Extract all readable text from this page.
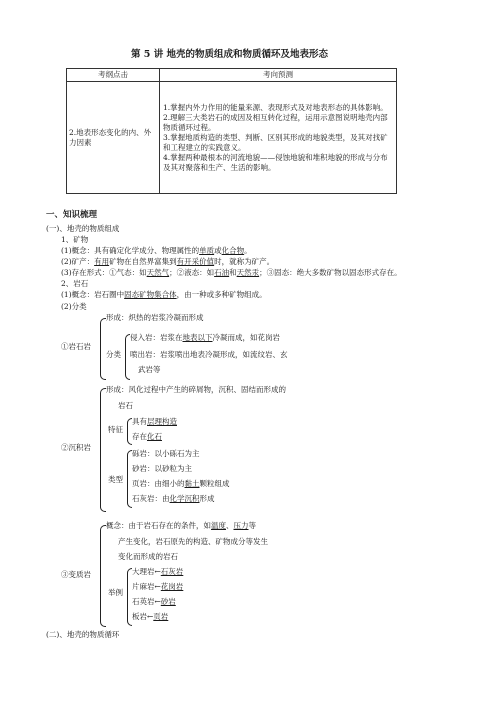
第 5 讲 地壳的物质组成和物质循环及地表形态
考纲点击	考向预测

2.地表形态变化的内、外力因素	1.掌握内外力作用的能量来源、表现形式及对地表形态的具体影响。
2.理解三大类岩石的成因及相互转化过程，运用示意图说明地壳内部物质循环过程。
3.掌握地质构造的类型、判断、区别其形成的地貌类型，及其对找矿和工程建立的实践意义。
4.掌握两种最根本的河流地貌——侵蚀地貌和堆积地貌的形成与分布及其对聚落和生产、生活的影响。
一、知识梳理
(一)、地壳的物质组成
1、矿物
(1)概念：具有确定化学成分、物理属性的单质或化合物。
(2)矿产：有用矿物在自然界富集到有开采价值时，就称为矿产。
(3)存在形式：①气态：如天然气；②液态：如石油和天然汞；③固态：绝大多数矿物以固态形式存在。
2、岩石
(1)概念：岩石圈中固态矿物集合体，由一种或多种矿物组成。
(2)分类
①岩石岩
形成：炽热的岩浆冷凝而形成
分类
侵入岩：岩浆在地表以下冷凝而成，如花岗岩
喷出岩：岩浆喷出地表冷凝形成，如流纹岩、玄
武岩等
②沉积岩
形成：风化过程中产生的碎屑物，沉积、固结而形成的
岩石
特征
具有层理构造
存在化石
类型
砾岩：以小砾石为主
砂岩：以砂粒为主
页岩：由细小的黏土颗粒组成
石灰岩：由化学沉积形成
③变质岩
概念：由于岩石存在的条件，如温度、压力等
产生变化，岩石原先的构造、矿物成分等发生
变化而形成的岩石
举例
大理岩←石灰岩
片麻岩←花岗岩
石英岩←砂岩
板岩←页岩
(二)、地壳的物质循环
